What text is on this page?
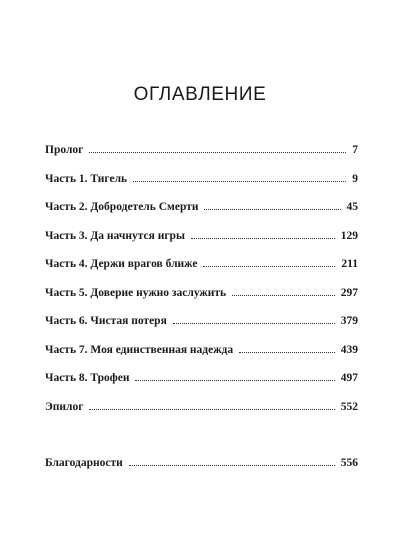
ОГЛАВЛЕНИЕ
Пролог	7
Часть 1. Тигель	9
Часть 2. Добродетель Смерти	45
Часть 3. Да начнутся игры	129
Часть 4. Держи врагов ближе	211
Часть 5. Доверие нужно заслужить	297
Часть 6. Чистая потеря	379
Часть 7. Моя единственная надежда	439
Часть 8. Трофеи	497
Эпилог	552
Благодарности	556
